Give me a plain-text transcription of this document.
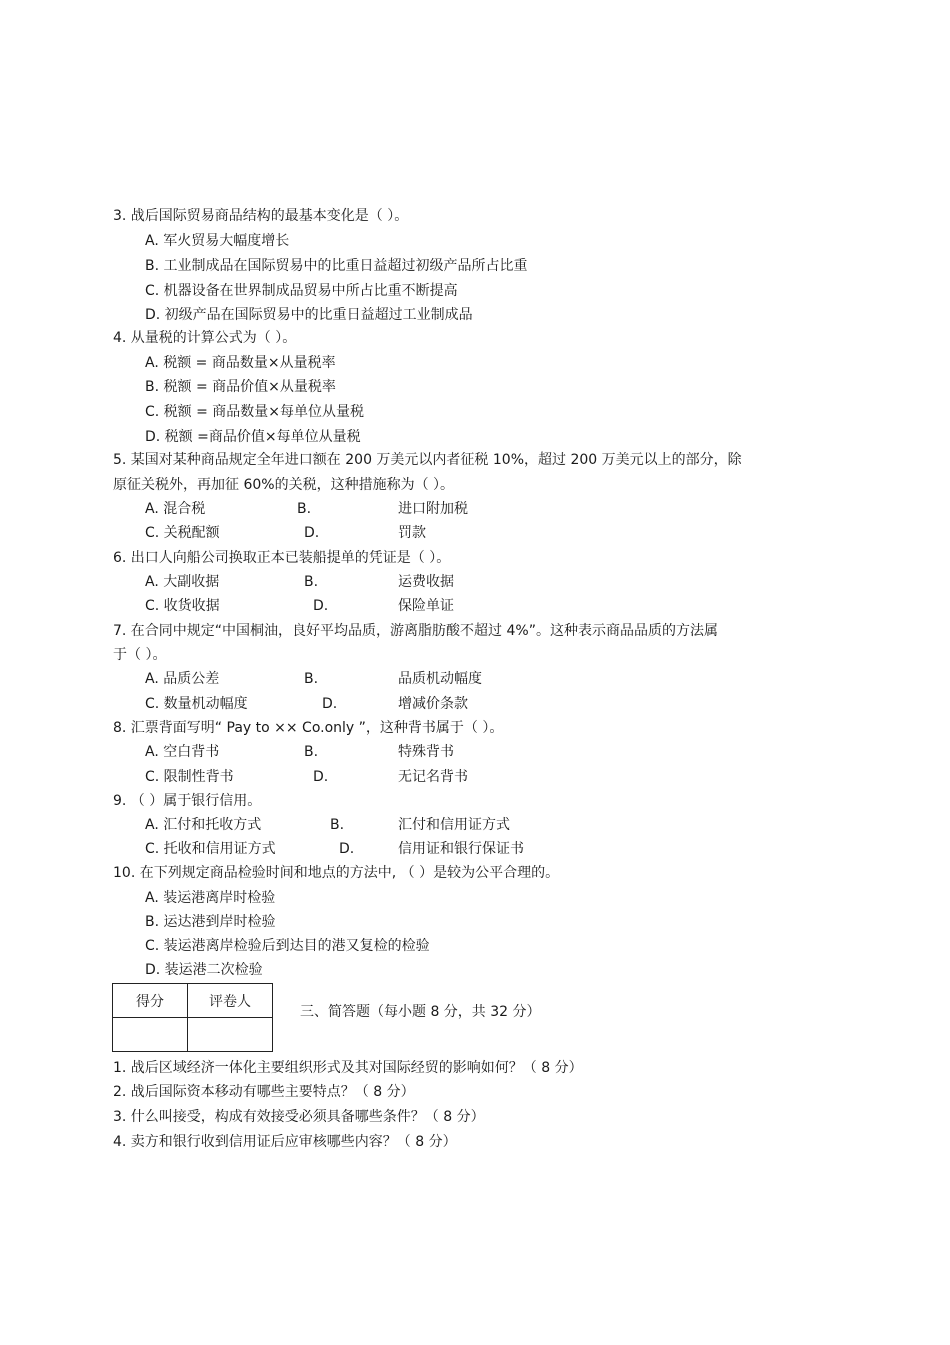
3. 战后国际贸易商品结构的最基本变化是（ ）。
A. 军火贸易大幅度增长
B. 工业制成品在国际贸易中的比重日益超过初级产品所占比重
C. 机器设备在世界制成品贸易中所占比重不断提高
D. 初级产品在国际贸易中的比重日益超过工业制成品
4. 从量税的计算公式为（ ）。
A. 税额 = 商品数量×从量税率
B. 税额 = 商品价值×从量税率
C. 税额 = 商品数量×每单位从量税
D. 税额 =商品价值×每单位从量税
5. 某国对某种商品规定全年进口额在 200 万美元以内者征税 10%，超过 200 万美元以上的部分，除
原征关税外，再加征 60%的关税，这种措施称为（ ）。
A. 混合税	B.	进口附加税
C. 关税配额	D.	罚款
6. 出口人向船公司换取正本已装船提单的凭证是（ ）。
A. 大副收据	B.	运费收据
C. 收货收据	D.	保险单证
7. 在合同中规定“中国桐油，良好平均品质，游离脂肪酸不超过 4%”。这种表示商品品质的方法属
于（ ）。
A. 品质公差	B.	品质机动幅度
C. 数量机动幅度	D.	增减价条款
8. 汇票背面写明“ Pay to ×× Co.only ”，这种背书属于（ ）。
A. 空白背书	B.	特殊背书
C. 限制性背书	D.	无记名背书
9. （ ）属于银行信用。
A. 汇付和托收方式	B.	汇付和信用证方式
C. 托收和信用证方式	D.	信用证和银行保证书
10. 在下列规定商品检验时间和地点的方法中, （ ）是较为公平合理的。
A. 装运港离岸时检验
B. 运达港到岸时检验
C. 装运港离岸检验后到达目的港又复检的检验
D. 装运港二次检验
得分	评卷人

三、简答题（每小题 8 分，共 32 分）
1. 战后区域经济一体化主要组织形式及其对国际经贸的影响如何？（ 8 分）
2. 战后国际资本移动有哪些主要特点？（ 8 分）
3. 什么叫接受，构成有效接受必须具备哪些条件？（ 8 分）
4. 卖方和银行收到信用证后应审核哪些内容？（ 8 分）
